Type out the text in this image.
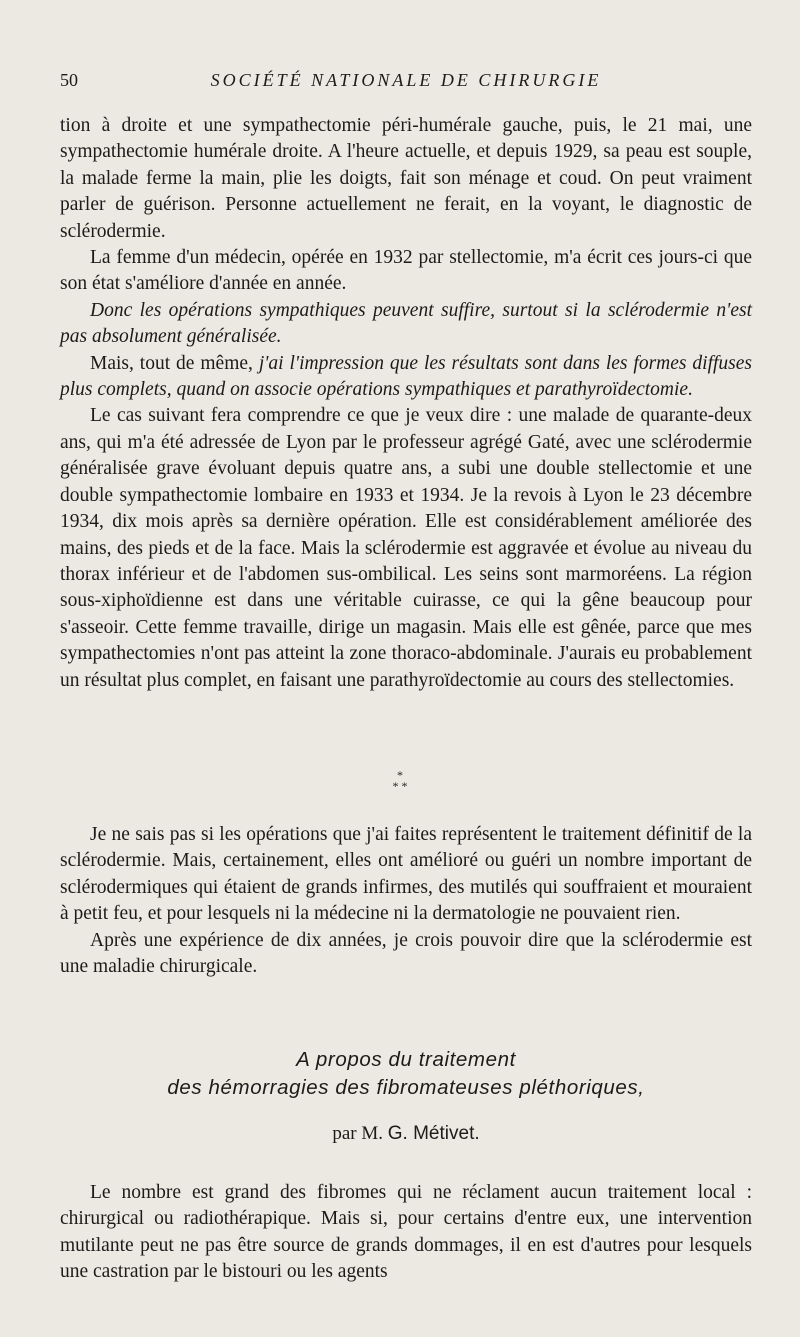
50	SOCIÉTÉ NATIONALE DE CHIRURGIE

tion à droite et une sympathectomie péri-humérale gauche, puis, le 21 mai, une sympathectomie humérale droite. A l'heure actuelle, et depuis 1929, sa peau est souple, la malade ferme la main, plie les doigts, fait son ménage et coud. On peut vraiment parler de guérison. Personne actuellement ne ferait, en la voyant, le diagnostic de sclérodermie.

La femme d'un médecin, opérée en 1932 par stellectomie, m'a écrit ces jours-ci que son état s'améliore d'année en année.

Donc les opérations sympathiques peuvent suffire, surtout si la sclérodermie n'est pas absolument généralisée.

Mais, tout de même, j'ai l'impression que les résultats sont dans les formes diffuses plus complets, quand on associe opérations sympathiques et parathyroïdectomie.

Le cas suivant fera comprendre ce que je veux dire : une malade de quarante-deux ans, qui m'a été adressée de Lyon par le professeur agrégé Gaté, avec une sclérodermie généralisée grave évoluant depuis quatre ans, a subi une double stellectomie et une double sympathectomie lombaire en 1933 et 1934. Je la revois à Lyon le 23 décembre 1934, dix mois après sa dernière opération. Elle est considérablement améliorée des mains, des pieds et de la face. Mais la sclérodermie est aggravée et évolue au niveau du thorax inférieur et de l'abdomen sus-ombilical. Les seins sont marmoréens. La région sous-xiphoïdienne est dans une véritable cuirasse, ce qui la gêne beaucoup pour s'asseoir. Cette femme travaille, dirige un magasin. Mais elle est gênée, parce que mes sympathectomies n'ont pas atteint la zone thoraco-abdominale. J'aurais eu probablement un résultat plus complet, en faisant une parathyroïdectomie au cours des stellectomies.

*
* *

Je ne sais pas si les opérations que j'ai faites représentent le traitement définitif de la sclérodermie. Mais, certainement, elles ont amélioré ou guéri un nombre important de sclérodermiques qui étaient de grands infirmes, des mutilés qui souffraient et mouraient à petit feu, et pour lesquels ni la médecine ni la dermatologie ne pouvaient rien.

Après une expérience de dix années, je crois pouvoir dire que la sclérodermie est une maladie chirurgicale.

A propos du traitement
des hémorragies des fibromateuses pléthoriques,
par M. G. Métivet.

Le nombre est grand des fibromes qui ne réclament aucun traitement local : chirurgical ou radiothérapique. Mais si, pour certains d'entre eux, une intervention mutilante peut ne pas être source de grands dommages, il en est d'autres pour lesquels une castration par le bistouri ou les agents
